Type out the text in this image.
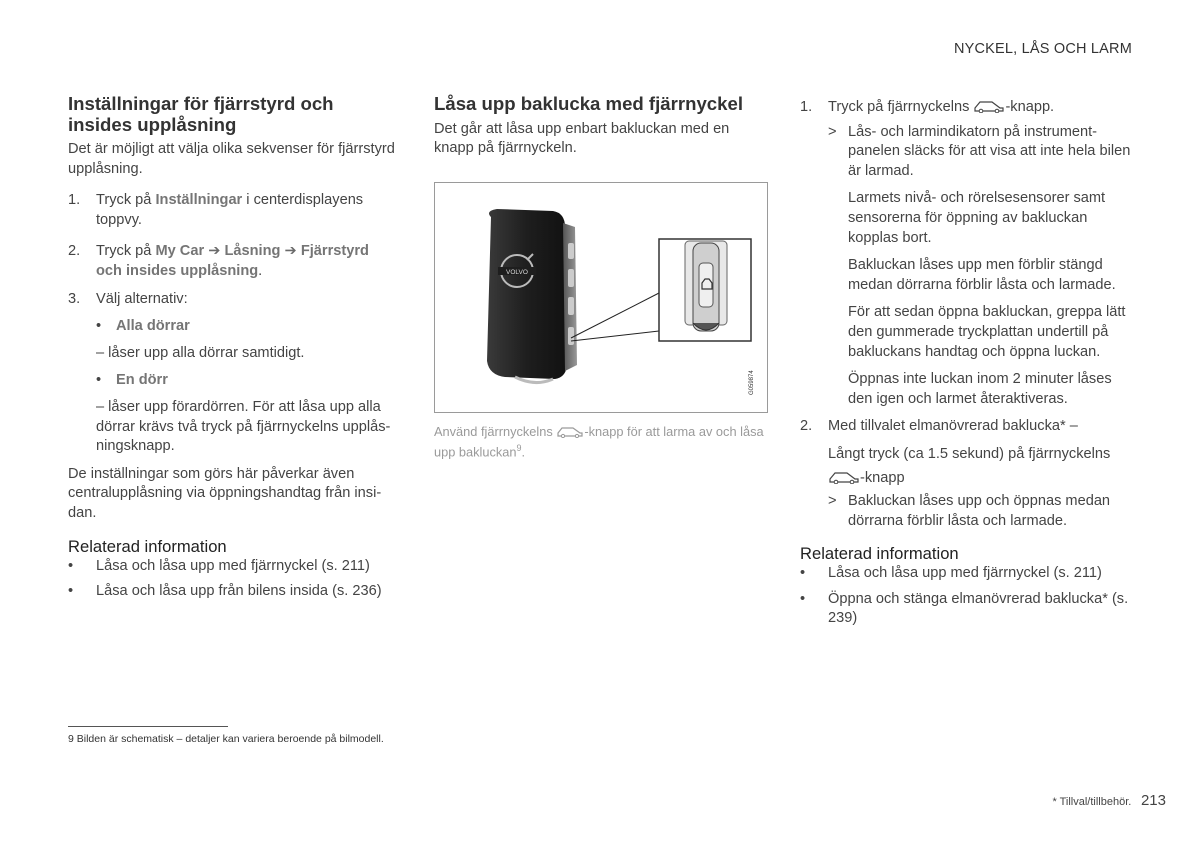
NYCKEL, LÅS OCH LARM
Inställningar för fjärrstyrd och insides upplåsning

Det är möjligt att välja olika sekvenser för fjärrstyrd upplåsning.

1.	Tryck på Inställningar i centerdisplayens toppvy.
2.	Tryck på My Car ➔ Låsning ➔ Fjärrstyrd och insides upplåsning.
3.	Välj alternativ:
•	Alla dörrar

– låser upp alla dörrar samtidigt.

•	En dörr

– låser upp förardörren. För att låsa upp alla dörrar krävs två tryck på fjärrnyckelns upplåsningsknapp.

De inställningar som görs här påverkar även centralupplåsning via öppningshandtag från insidan.

Relaterad information
•	Låsa och låsa upp med fjärrnyckel (s. 211)
•	Låsa och låsa upp från bilens insida (s. 236)
Låsa upp baklucka med fjärrnyckel

Det går att låsa upp enbart bakluckan med en knapp på fjärrnyckeln.

VOLVO
G059874

Använd fjärrnyckelns -knapp för att larma av och låsa upp bakluckan$^9$.

1.	Tryck på fjärrnyckelns -knapp.
> Lås- och larmindikatorn på instrumentpanelen släcks för att visa att inte hela bilen är larmad.

Larmets nivå- och rörelsesensorer samt sensorerna för öppning av bakluckan kopplas bort.

Bakluckan låses upp men förblir stängd medan dörrarna förblir låsta och larmade.

För att sedan öppna bakluckan, greppa lätt den gummerade tryckplattan undertill på bakluckans handtag och öppna luckan.

Öppnas inte luckan inom 2 minuter låses den igen och larmet återaktiveras.

2.	Med tillvalet elmanövrerad baklucka* –

Långt tryck (ca 1.5 sekund) på fjärrnyckelns

-knapp

> Bakluckan låses upp och öppnas medan dörrarna förblir låsta och larmade.
Relaterad information
•	Låsa och låsa upp med fjärrnyckel (s. 211)
•	Öppna och stänga elmanövrerad baklucka* (s. 239)
9 Bilden är schematisk – detaljer kan variera beroende på bilmodell.
* Tillval/tillbehör. 213
